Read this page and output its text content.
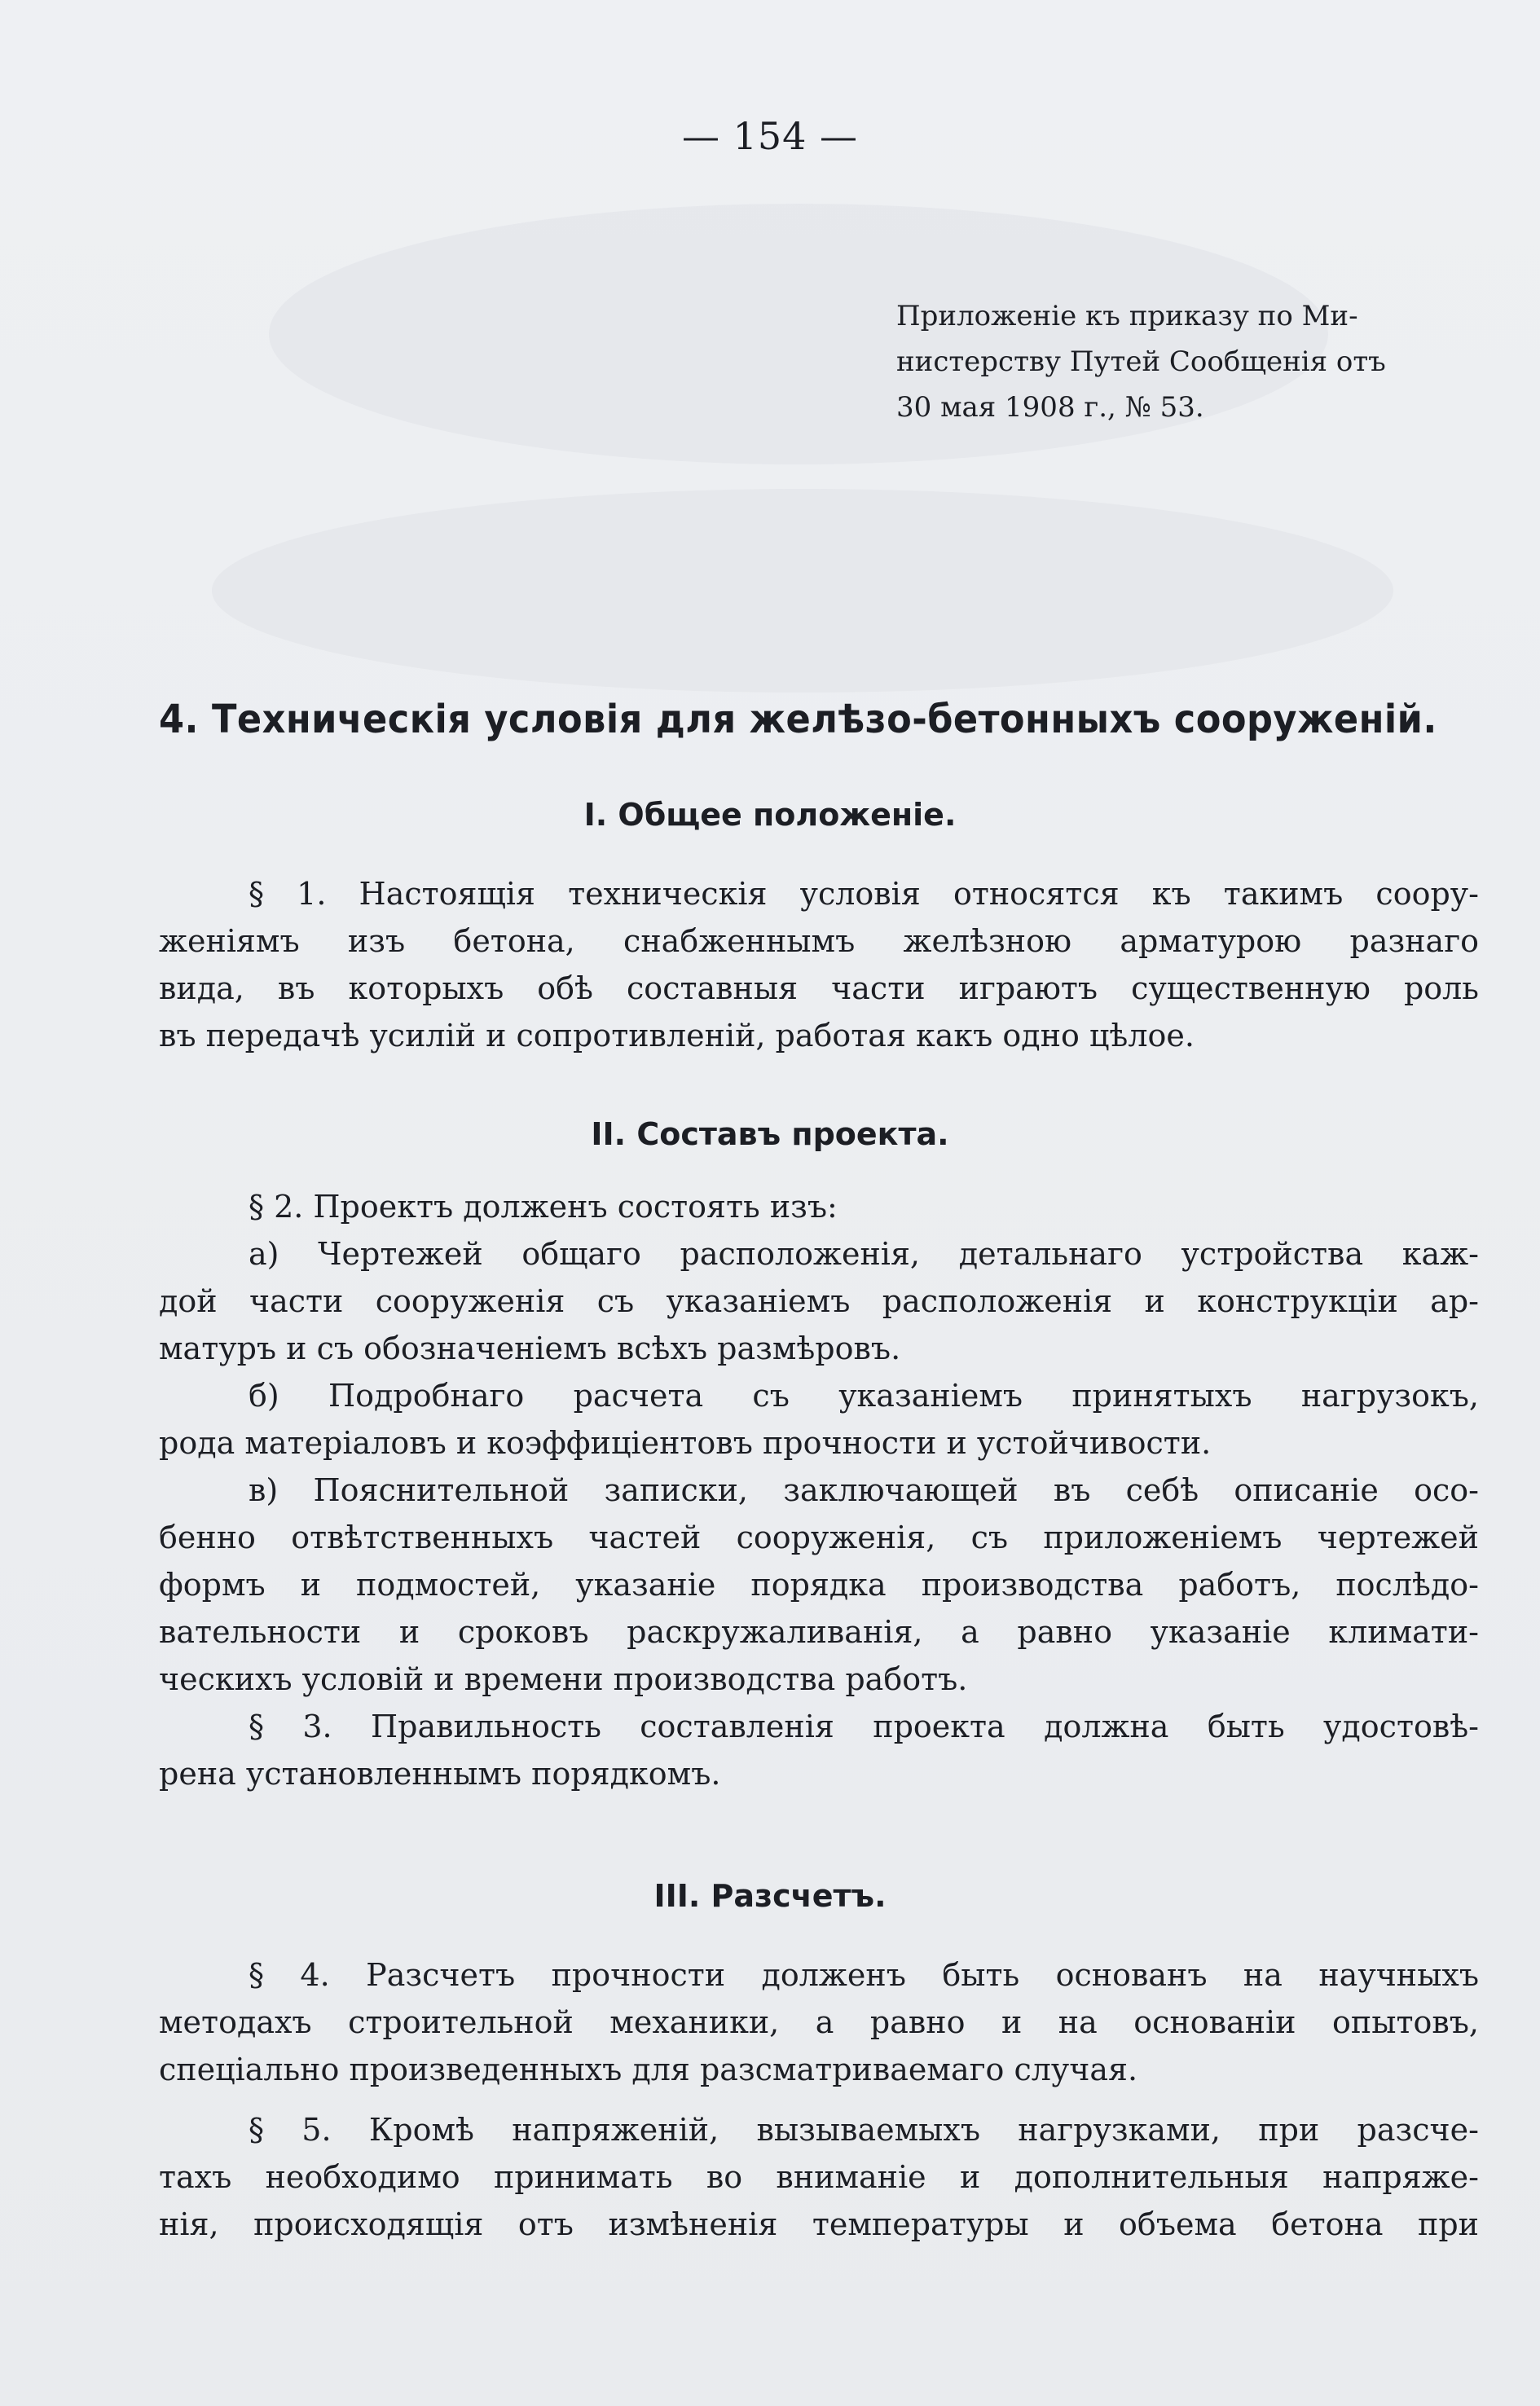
— 154 —
Приложеніе къ приказу по Ми-
нистерству Путей Сообщенія отъ
30 мая 1908 г., № 53.
4. Техническія условія для желѣзо-бетонныхъ сооруженій.
I. Общее положеніе.
§ 1. Настоящія техническія условія относятся къ такимъ соору-
женіямъ изъ бетона, снабженнымъ желѣзною арматурою разнаго
вида, въ которыхъ обѣ составныя части играютъ существенную роль
въ передачѣ усилій и сопротивленій, работая какъ одно цѣлое.
II. Составъ проекта.
§ 2. Проектъ долженъ состоять изъ:
а) Чертежей общаго расположенія, детальнаго устройства каж-
дой части сооруженія съ указаніемъ расположенія и конструкціи ар-
матуръ и съ обозначеніемъ всѣхъ размѣровъ.
б) Подробнаго расчета съ указаніемъ принятыхъ нагрузокъ,
рода матеріаловъ и коэффиціентовъ прочности и устойчивости.
в) Пояснительной записки, заключающей въ себѣ описаніе осо-
бенно отвѣтственныхъ частей сооруженія, съ приложеніемъ чертежей
формъ и подмостей, указаніе порядка производства работъ, послѣдо-
вательности и сроковъ раскружаливанія, а равно указаніе климати-
ческихъ условій и времени производства работъ.
§ 3. Правильность составленія проекта должна быть удостовѣ-
рена установленнымъ порядкомъ.
III. Разсчетъ.
§ 4. Разсчетъ прочности долженъ быть основанъ на научныхъ
методахъ строительной механики, а равно и на основаніи опытовъ,
спеціально произведенныхъ для разсматриваемаго случая.
§ 5. Кромѣ напряженій, вызываемыхъ нагрузками, при разсче-
тахъ необходимо принимать во вниманіе и дополнительныя напряже-
нія, происходящія отъ измѣненія температуры и объема бетона при
